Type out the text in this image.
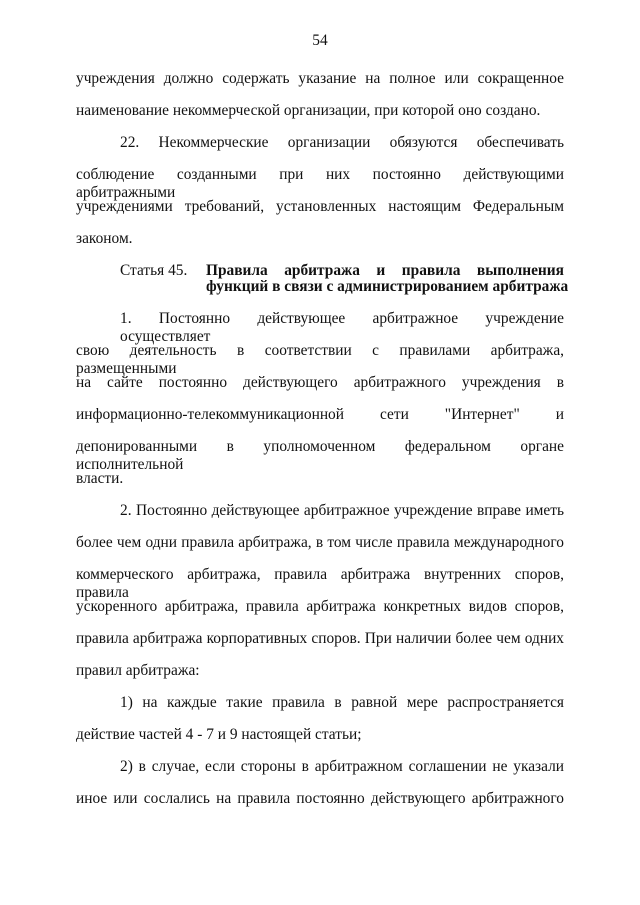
54
учреждения должно содержать указание на полное или сокращенное
наименование некоммерческой организации, при которой оно создано.
22. Некоммерческие организации обязуются обеспечивать
соблюдение созданными при них постоянно действующими арбитражными
учреждениями требований, установленных настоящим Федеральным
законом.
Статья 45. Правила арбитража и правила выполнения
функций в связи с администрированием арбитража
1. Постоянно действующее арбитражное учреждение осуществляет
свою деятельность в соответствии с правилами арбитража, размещенными
на сайте постоянно действующего арбитражного учреждения в
информационно-телекоммуникационной сети "Интернет" и
депонированными в уполномоченном федеральном органе исполнительной
власти.
2. Постоянно действующее арбитражное учреждение вправе иметь
более чем одни правила арбитража, в том числе правила международного
коммерческого арбитража, правила арбитража внутренних споров, правила
ускоренного арбитража, правила арбитража конкретных видов споров,
правила арбитража корпоративных споров. При наличии более чем одних
правил арбитража:
1) на каждые такие правила в равной мере распространяется
действие частей 4 - 7 и 9 настоящей статьи;
2) в случае, если стороны в арбитражном соглашении не указали
иное или сослались на правила постоянно действующего арбитражного
